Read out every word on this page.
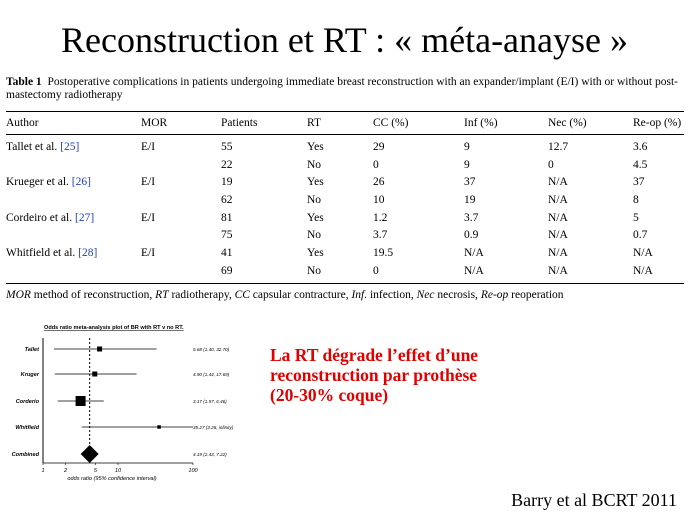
Reconstruction et RT : « méta-anayse »
Table 1 Postoperative complications in patients undergoing immediate breast reconstruction with an expander/implant (E/I) with or without post-mastectomy radiotherapy
Author	MOR	Patients	RT	CC (%)	Inf (%)	Nec (%)	Re-op (%)
Tallet et al. [25]	E/I	55	Yes	29	9	12.7	3.6
		22	No	0	9	0	4.5
Krueger et al. [26]	E/I	19	Yes	26	37	N/A	37
		62	No	10	19	N/A	8
Cordeiro et al. [27]	E/I	81	Yes	1.2	3.7	N/A	5
		75	No	3.7	0.9	N/A	0.7
Whitfield et al. [28]	E/I	41	Yes	19.5	N/A	N/A	N/A
		69	No	0	N/A	N/A	N/A
MOR method of reconstruction, RT radiotherapy, CC capsular contracture, Inf. infection, Nec necrosis, Re-op reoperation
Odds ratio meta-analysis plot of BR with RT v no RT.
1	2	5	10	100
odds ratio (95% confidence interval)
Tallet	5.68 (1.40, 32.70)
Kruger	4.90 (1.44, 17.69)
Corderio	3.17 (1.57, 6.46)
Whitfield	35.27 (3.28, infinity)
Combined	4.19 (2.43, 7.22)
La RT dégrade l’effet d’une
reconstruction par prothèse
(20-30% coque)
Barry et al BCRT 2011
